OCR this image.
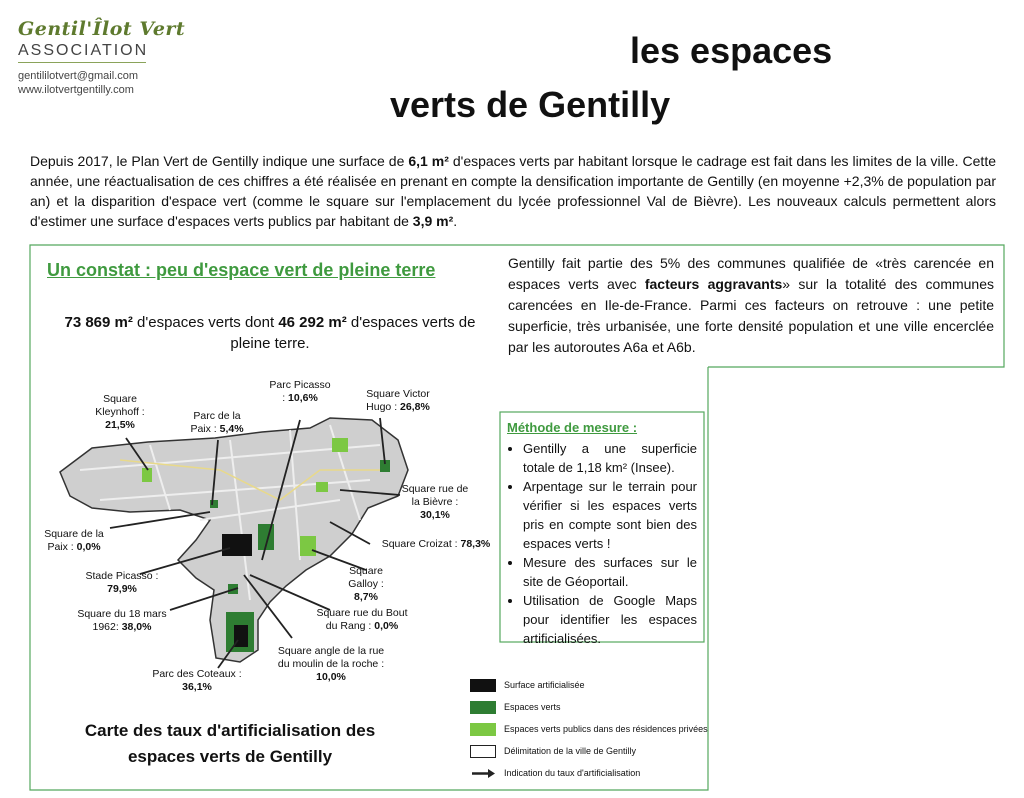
Gentil'Îlot Vert
ASSOCIATION
gentililotvert@gmail.com
www.ilotvertgentilly.com
les espaces
verts de Gentilly
Depuis 2017, le Plan Vert de Gentilly indique une surface de 6,1 m² d'espaces verts par habitant lorsque le cadrage est fait dans les limites de la ville. Cette année, une réactualisation de ces chiffres a été réalisée en prenant en compte la densification importante de Gentilly (en moyenne +2,3% de population par an) et la disparition d'espace vert (comme le square sur l'emplacement du lycée professionnel Val de Bièvre). Les nouveaux calculs permettent alors d'estimer une surface d'espaces verts publics par habitant de 3,9 m².
Un constat : peu d'espace vert de pleine terre
73 869 m² d'espaces verts dont 46 292 m² d'espaces verts de pleine terre.
Gentilly fait partie des 5% des communes qualifiée de «très carencée en espaces verts avec facteurs aggravants» sur la totalité des communes carencées en Ile-de-France. Parmi ces facteurs on retrouve : une petite superficie, très urbanisée, une forte densité population et une ville encerclée par les autoroutes A6a et A6b.
Méthode de mesure :
• Gentilly a une superficie totale de 1,18 km² (Insee).
• Arpentage sur le terrain pour vérifier si les espaces verts pris en compte sont bien des espaces verts !
• Mesure des surfaces sur le site de Géoportail.
• Utilisation de Google Maps pour identifier les espaces artificialisées.
Square Kleynhoff : 21,5%
Parc de la Paix : 5,4%
Parc Picasso : 10,6%	Square Victor Hugo : 26,8%
Square rue de la Bièvre : 30,1%
Square de la Paix : 0,0%	Square Croizat : 78,3%
Stade Picasso : 79,9%
Square Galloy : 8,7%
Square du 18 mars 1962: 38,0%
Square rue du Bout du Rang : 0,0%
Square angle de la rue du moulin de la roche : 10,0%
Parc des Coteaux : 36,1%	Surface artificialisée
Espaces verts
Espaces verts publics dans des résidences privées
Délimitation de la ville de Gentilly
Indication du taux d'artificialisation
Carte des taux d'artificialisation des espaces verts de Gentilly
